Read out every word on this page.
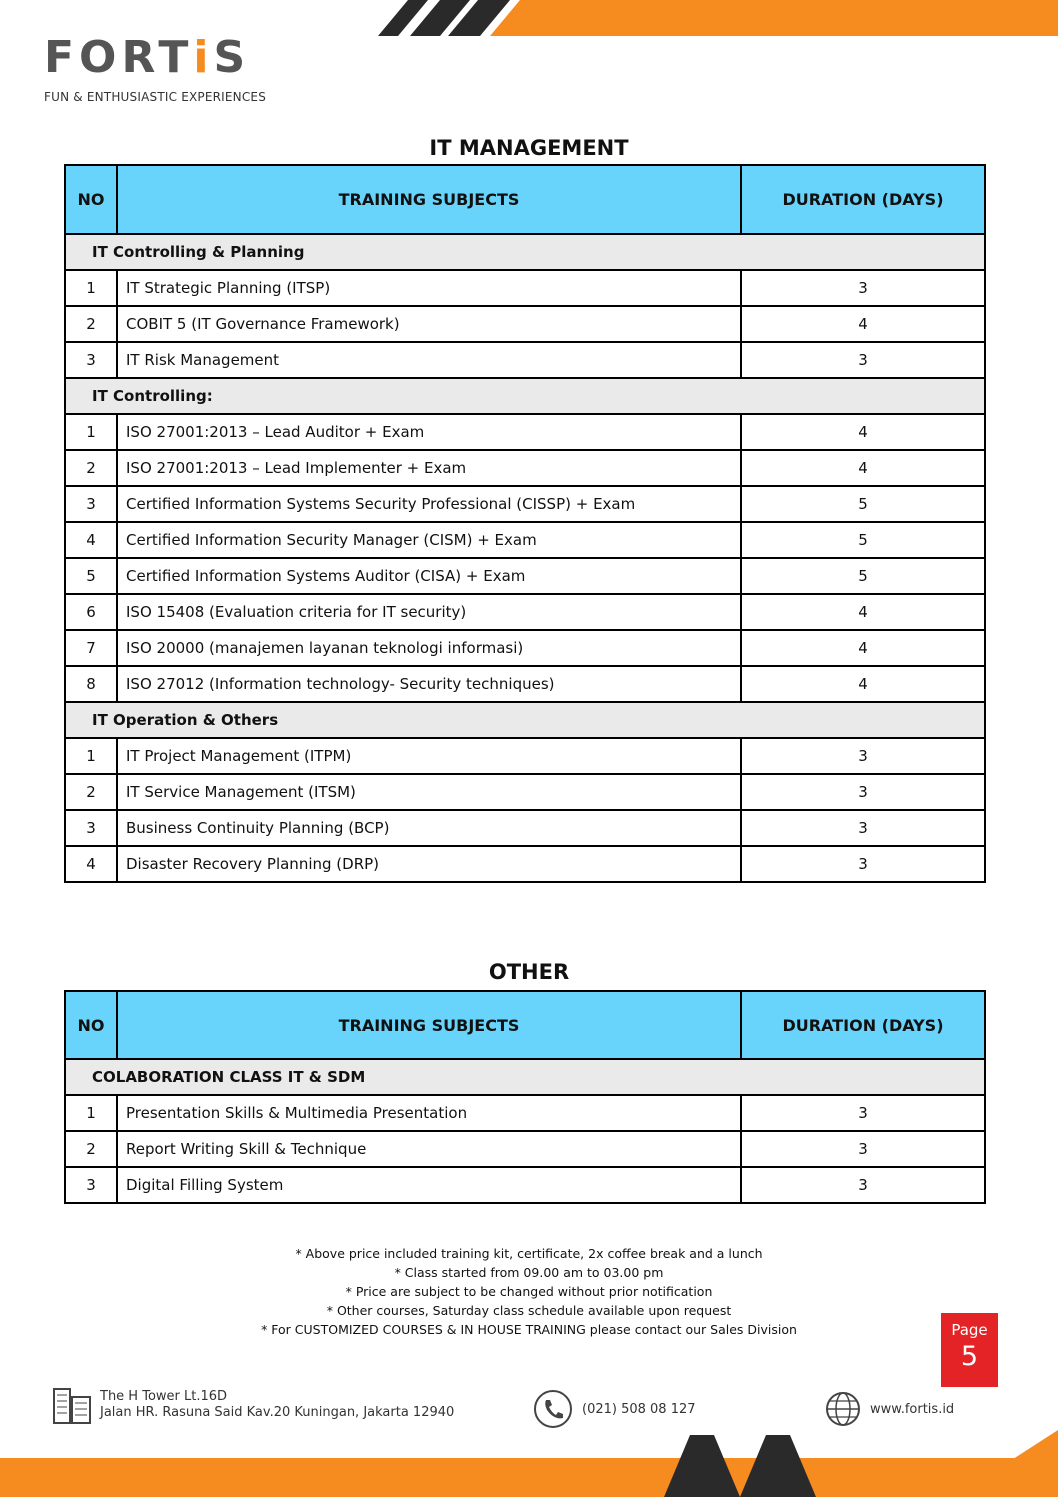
FORT i S
FUN & ENTHUSIASTIC EXPERIENCES
IT MANAGEMENT
NO	TRAINING SUBJECTS	DURATION (DAYS)
IT Controlling & Planning		
1	IT Strategic Planning (ITSP)	3
2	COBIT 5 (IT Governance Framework)	4
3	IT Risk Management	3
IT Controlling:		
1	ISO 27001:2013 – Lead Auditor + Exam	4
2	ISO 27001:2013 – Lead Implementer + Exam	4
3	Certified Information Systems Security Professional (CISSP) + Exam	5
4	Certified Information Security Manager (CISM) + Exam	5
5	Certified Information Systems Auditor (CISA) + Exam	5
6	ISO 15408 (Evaluation criteria for IT security)	4
7	ISO 20000 (manajemen layanan teknologi informasi)	4
8	ISO 27012 (Information technology- Security techniques)	4
IT Operation & Others		
1	IT Project Management (ITPM)	3
2	IT Service Management (ITSM)	3
3	Business Continuity Planning (BCP)	3
4	Disaster Recovery Planning (DRP)	3
OTHER
NO	TRAINING SUBJECTS	DURATION (DAYS)
COLABORATION CLASS IT & SDM		
1	Presentation Skills & Multimedia Presentation	3
2	Report Writing Skill & Technique	3
3	Digital Filling System	3
* Above price included training kit, certificate, 2x coffee break and a lunch
* Class started from 09.00 am to 03.00 pm
* Price are subject to be changed without prior notification
* Other courses, Saturday class schedule available upon request
* For CUSTOMIZED COURSES & IN HOUSE TRAINING please contact our Sales Division	Page
5
The H Tower Lt.16D
Jalan HR. Rasuna Said Kav.20 Kuningan, Jakarta 12940	(021) 508 08 127	www.fortis.id
